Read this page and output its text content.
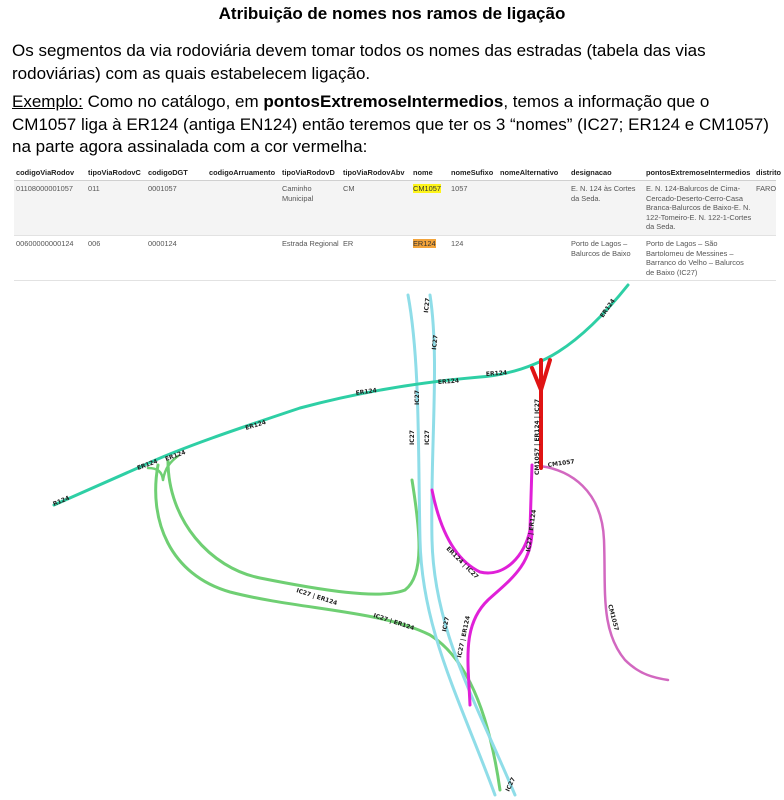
Atribuição de nomes nos ramos de ligação

Os segmentos da via rodoviária devem tomar todos os nomes das estradas (tabela das vias rodoviárias) com as quais estabelecem ligação.

Exemplo: Como no catálogo, em pontosExtremoseIntermedios, temos a informação que o CM1057 liga à ER124 (antiga EN124) então teremos que ter os 3 “nomes” (IC27; ER124 e CM1057) na parte agora assinalada com a cor vermelha:

codigoViaRodov	tipoViaRodovC	codigoDGT	codigoArruamento	tipoViaRodovD	tipoViaRodovAbv	nome	nomeSufixo	nomeAlternativo	designacao	pontosExtremoseIntermedios	distrito
01108000001057	011	0001057		Caminho Municipal	CM	CM1057	1057		E. N. 124 às Cortes da Seda.	E. N. 124-Balurcos de Cima-Cercado-Deserto-Cerro-Casa Branca-Balurcos de Baixo-E. N. 122-Tomeiro-E. N. 122-1-Cortes da Seda.	FARO
00600000000124	006	0000124		Estrada Regional	ER	ER124	124		Porto de Lagos – Balurcos de Baixo	Porto de Lagos – São Bartolomeu de Messines – Barranco do Velho – Balurcos de Baixo (IC27)	
R124
ER124
ER124
ER124
ER124
ER124
ER124
ER124
IC27
IC27
IC27
IC27 IC27
IC27
IC27
IC27 | ER124
IC27 | ER124	IC27 | ER124
IC27 | ER124
ER124 | IC27
CM1057 | ER124 | IC27 CM1057
CM1057
